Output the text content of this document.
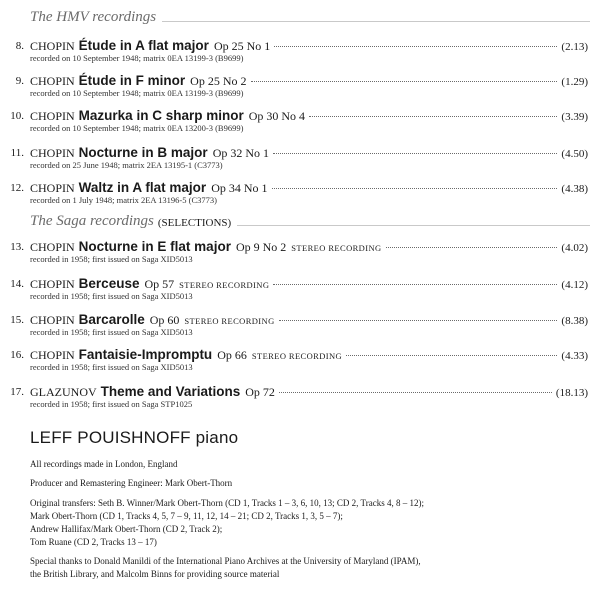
The HMV recordings
8. CHOPIN Étude in A flat major Op 25 No 1	(2.13)
recorded on 10 September 1948; matrix 0EA 13199-3 (B9699)
9. CHOPIN Étude in F minor Op 25 No 2	(1.29)
recorded on 10 September 1948; matrix 0EA 13199-3 (B9699)
10. CHOPIN Mazurka in C sharp minor Op 30 No 4	(3.39)
recorded on 10 September 1948; matrix 0EA 13200-3 (B9699)
11. CHOPIN Nocturne in B major Op 32 No 1	(4.50)
recorded on 25 June 1948; matrix 2EA 13195-1 (C3773)
12. CHOPIN Waltz in A flat major Op 34 No 1	(4.38)
recorded on 1 July 1948; matrix 2EA 13196-5 (C3773)
The Saga recordings (SELECTIONS)
13. CHOPIN Nocturne in E flat major Op 9 No 2 STEREO RECORDING	(4.02)
recorded in 1958; first issued on Saga XID5013
14. CHOPIN Berceuse Op 57 STEREO RECORDING	(4.12)
recorded in 1958; first issued on Saga XID5013
15. CHOPIN Barcarolle Op 60 STEREO RECORDING	(8.38)
recorded in 1958; first issued on Saga XID5013
16. CHOPIN Fantaisie-Impromptu Op 66 STEREO RECORDING	(4.33)
recorded in 1958; first issued on Saga XID5013
17. GLAZUNOV Theme and Variations Op 72	(18.13)
recorded in 1958; first issued on Saga STP1025
LEFF POUISHNOFF piano
All recordings made in London, England
Producer and Remastering Engineer: Mark Obert-Thorn
Original transfers: Seth B. Winner/Mark Obert-Thorn (CD 1, Tracks 1 – 3, 6, 10, 13; CD 2, Tracks 4, 8 – 12);
Mark Obert-Thorn (CD 1, Tracks 4, 5, 7 – 9, 11, 12, 14 – 21; CD 2, Tracks 1, 3, 5 – 7);
Andrew Hallifax/Mark Obert-Thorn (CD 2, Track 2);
Tom Ruane (CD 2, Tracks 13 – 17)
Special thanks to Donald Manildi of the International Piano Archives at the University of Maryland (IPAM),
the British Library, and Malcolm Binns for providing source material
